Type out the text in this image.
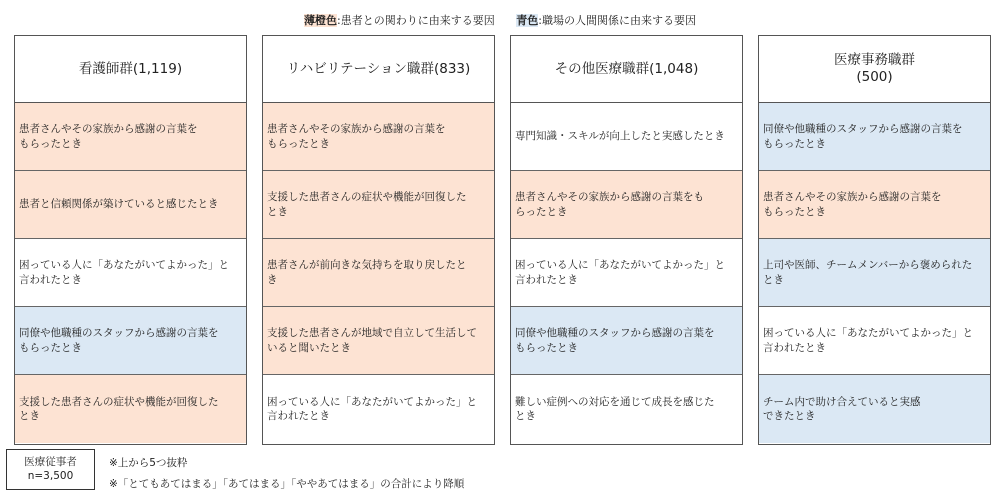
薄橙色:患者との関わりに由来する要因 青色:職場の人間関係に由来する要因
看護師群(1,119)
患者さんやその家族から感謝の言葉を
もらったとき
患者と信頼関係が築けていると感じたとき
困っている人に「あなたがいてよかった」と
言われたとき
同僚や他職種のスタッフから感謝の言葉を
もらったとき
支援した患者さんの症状や機能が回復した
とき
リハビリテーション職群(833)
患者さんやその家族から感謝の言葉を
もらったとき
支援した患者さんの症状や機能が回復した
とき
患者さんが前向きな気持ちを取り戻したと
き
支援した患者さんが地域で自立して生活して
いると聞いたとき
困っている人に「あなたがいてよかった」と
言われたとき
その他医療職群(1,048)
専門知識・スキルが向上したと実感したとき
患者さんやその家族から感謝の言葉をも
らったとき
困っている人に「あなたがいてよかった」と
言われたとき
同僚や他職種のスタッフから感謝の言葉を
もらったとき
難しい症例への対応を通じて成長を感じた
とき
医療事務職群
(500)
同僚や他職種のスタッフから感謝の言葉を
もらったとき
患者さんやその家族から感謝の言葉を
もらったとき
上司や医師、チームメンバーから褒められた
とき
困っている人に「あなたがいてよかった」と
言われたとき
チーム内で助け合えていると実感
できたとき
医療従事者
n=3,500
※上から5つ抜粋
※「とてもあてはまる」「あてはまる」「ややあてはまる」の合計により降順
